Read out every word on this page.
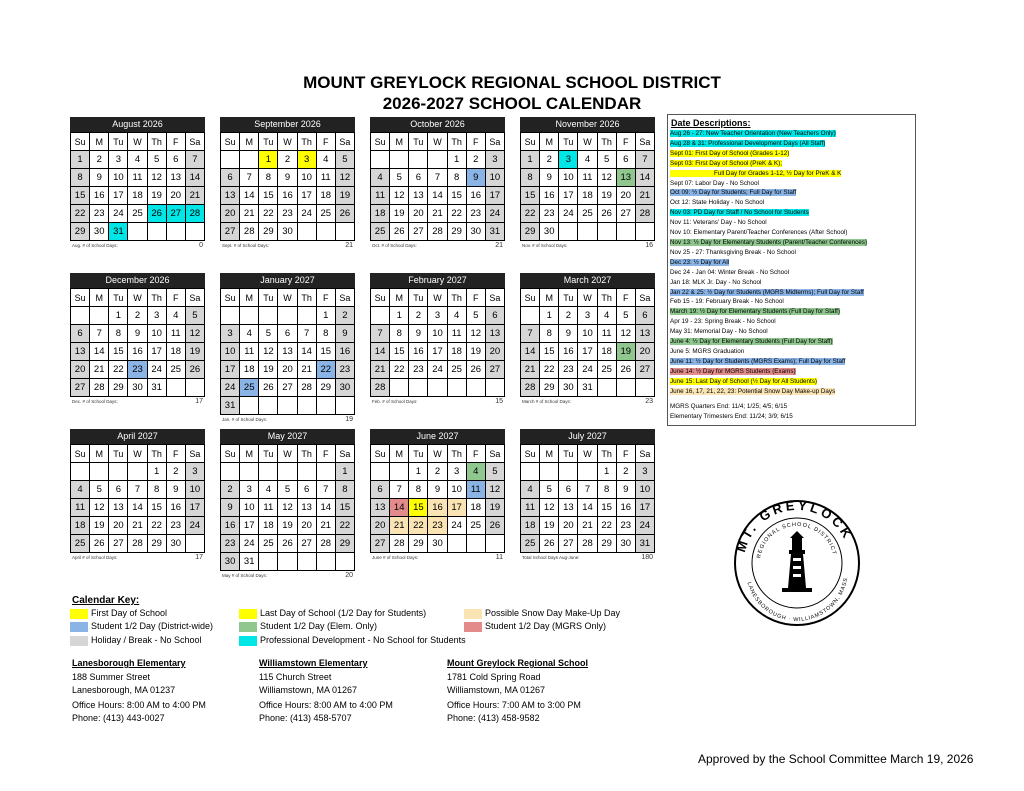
MOUNT GREYLOCK REGIONAL SCHOOL DISTRICT
2026-2027 SCHOOL CALENDAR
August 2026
Su	M	Tu	W	Th	F	Sa
1	2	3	4	5	6	7
8	9	10	11	12	13	14
15	16	17	18	19	20	21
22	23	24	25	26	27	28
29	30	31				
Aug. # of School Days:	0
September 2026
Su	M	Tu	W	Th	F	Sa
		1	2	3	4	5
6	7	8	9	10	11	12
13	14	15	16	17	18	19
20	21	22	23	24	25	26
27	28	29	30			
Sept. # of School Days:	21
October 2026
Su	M	Tu	W	Th	F	Sa
				1	2	3
4	5	6	7	8	9	10
11	12	13	14	15	16	17
18	19	20	21	22	23	24
25	26	27	28	29	30	31
Oct. # of School Days:	21
November 2026
Su	M	Tu	W	Th	F	Sa
1	2	3	4	5	6	7
8	9	10	11	12	13	14
15	16	17	18	19	20	21
22	23	24	25	26	27	28
29	30					
Nov. # of School Days:	16
December 2026
Su	M	Tu	W	Th	F	Sa
		1	2	3	4	5
6	7	8	9	10	11	12
13	14	15	16	17	18	19
20	21	22	23	24	25	26
27	28	29	30	31		
Dec. # of School Days:	17
January 2027
Su	M	Tu	W	Th	F	Sa
					1	2
3	4	5	6	7	8	9
10	11	12	13	14	15	16
17	18	19	20	21	22	23
24	25	26	27	28	29	30
31						
Jan. # of School Days:	19
February 2027
Su	M	Tu	W	Th	F	Sa
	1	2	3	4	5	6
7	8	9	10	11	12	13
14	15	16	17	18	19	20
21	22	23	24	25	26	27
28						
Feb. # of School Days:	15
March 2027
Su	M	Tu	W	Th	F	Sa
	1	2	3	4	5	6
7	8	9	10	11	12	13
14	15	16	17	18	19	20
21	22	23	24	25	26	27
28	29	30	31			
March # of School Days:	23
April 2027
Su	M	Tu	W	Th	F	Sa
				1	2	3
4	5	6	7	8	9	10
11	12	13	14	15	16	17
18	19	20	21	22	23	24
25	26	27	28	29	30	
April # of School Days:	17
May 2027
Su	M	Tu	W	Th	F	Sa
						1
2	3	4	5	6	7	8
9	10	11	12	13	14	15
16	17	18	19	20	21	22
23	24	25	26	27	28	29
30	31					
May # of School Days:	20
June 2027
Su	M	Tu	W	Th	F	Sa
		1	2	3	4	5
6	7	8	9	10	11	12
13	14	15	16	17	18	19
20	21	22	23	24	25	26
27	28	29	30			
June # of School Days:	11
July 2027
Su	M	Tu	W	Th	F	Sa
				1	2	3
4	5	6	7	8	9	10
11	12	13	14	15	16	17
18	19	20	21	22	23	24
25	26	27	28	29	30	31
Total School Days Aug-June:	180
Date Descriptions:
Aug 26 - 27: New Teacher Orientation (New Teachers Only)
Aug 28 & 31: Professional Development Days (All Staff)
Sept 01: First Day of School (Grades 1-12)
Sept 03: First Day of School (PreK & K);
Full Day for Grades 1-12, ½ Day for PreK & K
Sept 07: Labor Day - No School
Oct 09: ½ Day for Students; Full Day for Staff
Oct 12: State Holiday - No School
Nov 03: PD Day for Staff / No School for Students
Nov 11: Veterans' Day - No School
Nov 10: Elementary Parent/Teacher Conferences (After School)
Nov 13: ½ Day for Elementary Students (Parent/Teacher Conferences)
Nov 25 - 27: Thanksgiving Break - No School
Dec 23: ½ Day for All
Dec 24 - Jan 04: Winter Break - No School
Jan 18: MLK Jr. Day - No School
Jan 22 & 25: ½ Day for Students (MGRS Midterms); Full Day for Staff
Feb 15 - 19: February Break - No School
March 19: ½ Day for Elementary Students (Full Day for Staff)
Apr 19 - 23: Spring Break - No School
May 31: Memorial Day - No School
June 4: ½ Day for Elementary Students (Full Day for Staff)
June 5: MGRS Graduation
June 11: ½ Day for Students (MGRS Exams); Full Day for Staff
June 14: ½ Day for MGRS Students (Exams)
June 15: Last Day of School (½ Day for All Students)
June 16, 17, 21, 22, 23: Potential Snow Day Make-up Days
MGRS Quarters End: 11/4; 1/25; 4/5; 6/15
Elementary Trimesters End: 11/24; 3/9; 6/15
Calendar Key:
First Day of School
Student 1/2 Day (District-wide)
Holiday / Break - No School
Last Day of School (1/2 Day for Students)
Student 1/2 Day (Elem. Only)
Professional Development - No School for Students
Possible Snow Day Make-Up Day
Student 1/2 Day (MGRS Only)
Lanesborough Elementary
188 Summer Street
Lanesborough, MA 01237
Office Hours: 8:00 AM to 4:00 PM
Phone: (413) 443-0027
Williamstown Elementary
115 Church Street
Williamstown, MA 01267
Office Hours: 8:00 AM to 4:00 PM
Phone: (413) 458-5707
Mount Greylock Regional School
1781 Cold Spring Road
Williamstown, MA 01267
Office Hours: 7:00 AM to 3:00 PM
Phone: (413) 458-9582
MT. GREYLOCK
REGIONAL SCHOOL DISTRICT
LANESBOROUGH · WILLIAMSTOWN, MASS
Approved by the School Committee March 19, 2026
